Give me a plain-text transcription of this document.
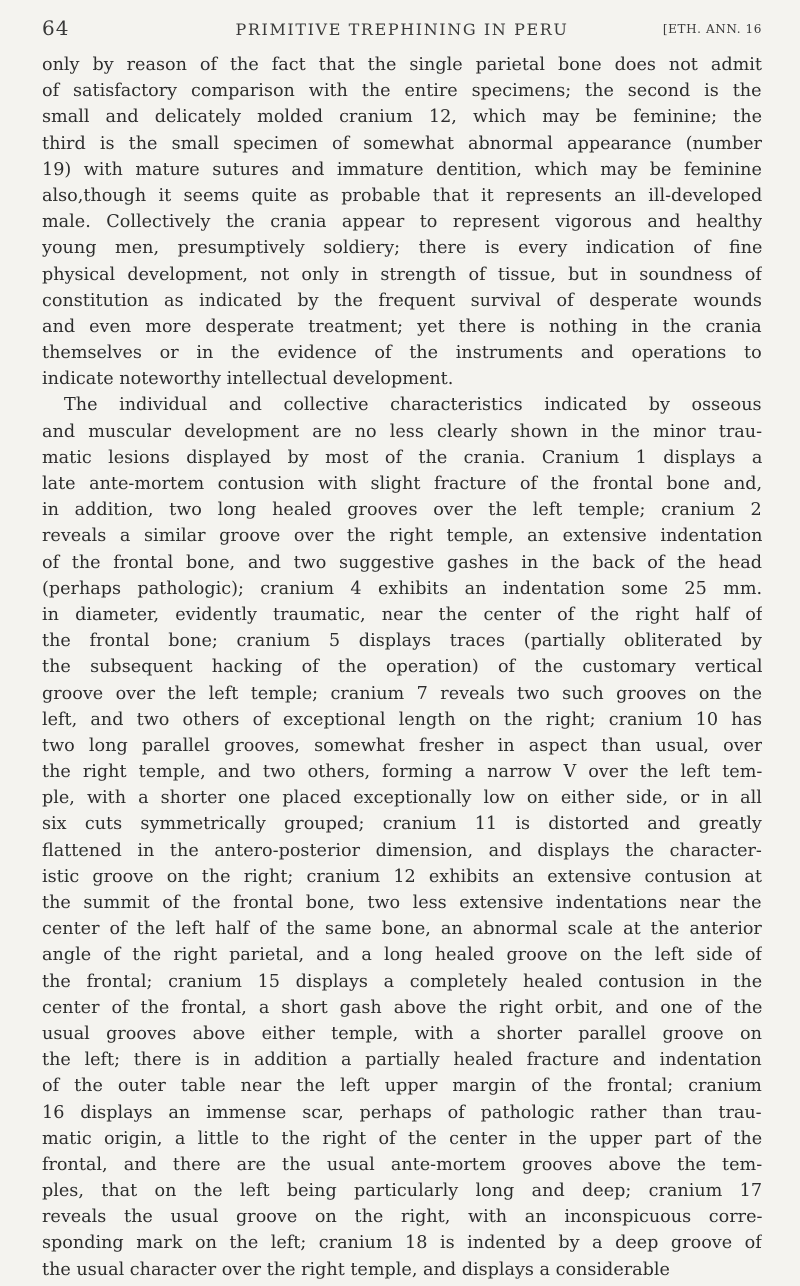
64	PRIMITIVE TREPHINING IN PERU	[ETH. ANN. 16

only by reason of the fact that the single parietal bone does not admit
of satisfactory comparison with the entire specimens; the second is the
small and delicately molded cranium 12, which may be feminine; the
third is the small specimen of somewhat abnormal appearance (number
19) with mature sutures and immature dentition, which may be feminine
also,though it seems quite as probable that it represents an ill-developed
male. Collectively the crania appear to represent vigorous and healthy
young men, presumptively soldiery; there is every indication of fine
physical development, not only in strength of tissue, but in soundness of
constitution as indicated by the frequent survival of desperate wounds
and even more desperate treatment; yet there is nothing in the crania
themselves or in the evidence of the instruments and operations to
indicate noteworthy intellectual development.

The individual and collective characteristics indicated by osseous
and muscular development are no less clearly shown in the minor trau-
matic lesions displayed by most of the crania. Cranium 1 displays a
late ante-mortem contusion with slight fracture of the frontal bone and,
in addition, two long healed grooves over the left temple; cranium 2
reveals a similar groove over the right temple, an extensive indentation
of the frontal bone, and two suggestive gashes in the back of the head
(perhaps pathologic); cranium 4 exhibits an indentation some 25 mm.
in diameter, evidently traumatic, near the center of the right half of
the frontal bone; cranium 5 displays traces (partially obliterated by
the subsequent hacking of the operation) of the customary vertical
groove over the left temple; cranium 7 reveals two such grooves on the
left, and two others of exceptional length on the right; cranium 10 has
two long parallel grooves, somewhat fresher in aspect than usual, over
the right temple, and two others, forming a narrow V over the left tem-
ple, with a shorter one placed exceptionally low on either side, or in all
six cuts symmetrically grouped; cranium 11 is distorted and greatly
flattened in the antero-posterior dimension, and displays the character-
istic groove on the right; cranium 12 exhibits an extensive contusion at
the summit of the frontal bone, two less extensive indentations near the
center of the left half of the same bone, an abnormal scale at the anterior
angle of the right parietal, and a long healed groove on the left side of
the frontal; cranium 15 displays a completely healed contusion in the
center of the frontal, a short gash above the right orbit, and one of the
usual grooves above either temple, with a shorter parallel groove on
the left; there is in addition a partially healed fracture and indentation
of the outer table near the left upper margin of the frontal; cranium
16 displays an immense scar, perhaps of pathologic rather than trau-
matic origin, a little to the right of the center in the upper part of the
frontal, and there are the usual ante-mortem grooves above the tem-
ples, that on the left being particularly long and deep; cranium 17
reveals the usual groove on the right, with an inconspicuous corre-
sponding mark on the left; cranium 18 is indented by a deep groove of
the usual character over the right temple, and displays a considerable
